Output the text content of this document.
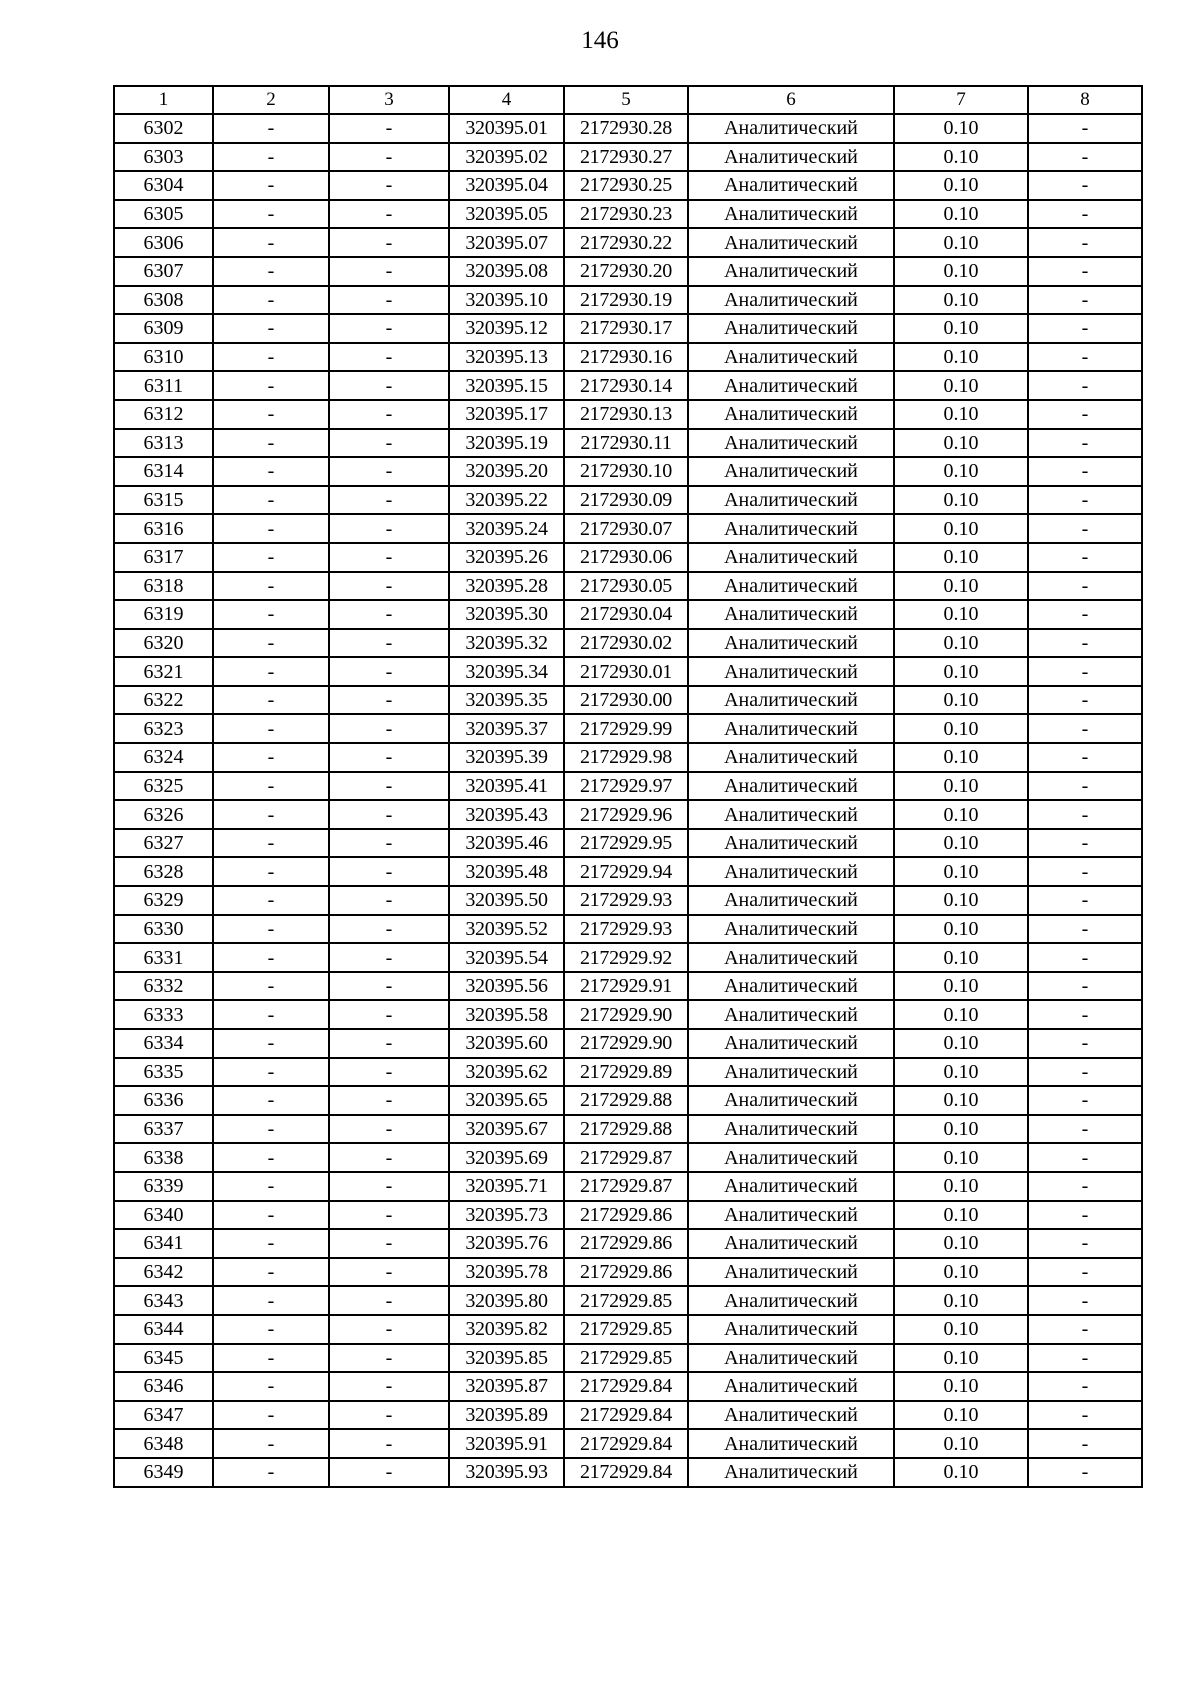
146
1	2	3	4	5	6	7	8
6302	-	-	320395.01	2172930.28	Аналитический	0.10	-
6303	-	-	320395.02	2172930.27	Аналитический	0.10	-
6304	-	-	320395.04	2172930.25	Аналитический	0.10	-
6305	-	-	320395.05	2172930.23	Аналитический	0.10	-
6306	-	-	320395.07	2172930.22	Аналитический	0.10	-
6307	-	-	320395.08	2172930.20	Аналитический	0.10	-
6308	-	-	320395.10	2172930.19	Аналитический	0.10	-
6309	-	-	320395.12	2172930.17	Аналитический	0.10	-
6310	-	-	320395.13	2172930.16	Аналитический	0.10	-
6311	-	-	320395.15	2172930.14	Аналитический	0.10	-
6312	-	-	320395.17	2172930.13	Аналитический	0.10	-
6313	-	-	320395.19	2172930.11	Аналитический	0.10	-
6314	-	-	320395.20	2172930.10	Аналитический	0.10	-
6315	-	-	320395.22	2172930.09	Аналитический	0.10	-
6316	-	-	320395.24	2172930.07	Аналитический	0.10	-
6317	-	-	320395.26	2172930.06	Аналитический	0.10	-
6318	-	-	320395.28	2172930.05	Аналитический	0.10	-
6319	-	-	320395.30	2172930.04	Аналитический	0.10	-
6320	-	-	320395.32	2172930.02	Аналитический	0.10	-
6321	-	-	320395.34	2172930.01	Аналитический	0.10	-
6322	-	-	320395.35	2172930.00	Аналитический	0.10	-
6323	-	-	320395.37	2172929.99	Аналитический	0.10	-
6324	-	-	320395.39	2172929.98	Аналитический	0.10	-
6325	-	-	320395.41	2172929.97	Аналитический	0.10	-
6326	-	-	320395.43	2172929.96	Аналитический	0.10	-
6327	-	-	320395.46	2172929.95	Аналитический	0.10	-
6328	-	-	320395.48	2172929.94	Аналитический	0.10	-
6329	-	-	320395.50	2172929.93	Аналитический	0.10	-
6330	-	-	320395.52	2172929.93	Аналитический	0.10	-
6331	-	-	320395.54	2172929.92	Аналитический	0.10	-
6332	-	-	320395.56	2172929.91	Аналитический	0.10	-
6333	-	-	320395.58	2172929.90	Аналитический	0.10	-
6334	-	-	320395.60	2172929.90	Аналитический	0.10	-
6335	-	-	320395.62	2172929.89	Аналитический	0.10	-
6336	-	-	320395.65	2172929.88	Аналитический	0.10	-
6337	-	-	320395.67	2172929.88	Аналитический	0.10	-
6338	-	-	320395.69	2172929.87	Аналитический	0.10	-
6339	-	-	320395.71	2172929.87	Аналитический	0.10	-
6340	-	-	320395.73	2172929.86	Аналитический	0.10	-
6341	-	-	320395.76	2172929.86	Аналитический	0.10	-
6342	-	-	320395.78	2172929.86	Аналитический	0.10	-
6343	-	-	320395.80	2172929.85	Аналитический	0.10	-
6344	-	-	320395.82	2172929.85	Аналитический	0.10	-
6345	-	-	320395.85	2172929.85	Аналитический	0.10	-
6346	-	-	320395.87	2172929.84	Аналитический	0.10	-
6347	-	-	320395.89	2172929.84	Аналитический	0.10	-
6348	-	-	320395.91	2172929.84	Аналитический	0.10	-
6349	-	-	320395.93	2172929.84	Аналитический	0.10	-
